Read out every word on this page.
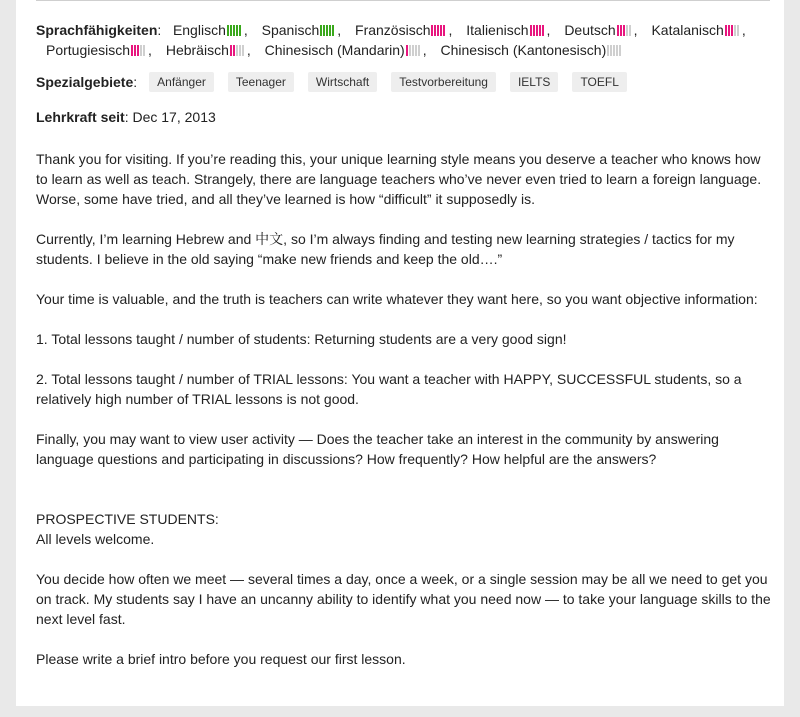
Sprachfähigkeiten:   Englisch , Spanisch , Französisch , Italienisch , Deutsch , Katalanisch , Portugiesisch , Hebräisch , Chinesisch (Mandarin) , Chinesisch (Kantonesisch)
Spezialgebiete :	Anfänger	Teenager	Wirtschaft	Testvorbereitung	IELTS	TOEFL
Lehrkraft seit: Dec 17, 2013

Thank you for visiting. If you’re reading this, your unique learning style means you deserve a teacher who knows how to learn as well as teach. Strangely, there are language teachers who’ve never even tried to learn a foreign language. Worse, some have tried, and all they’ve learned is how “difficult” it supposedly is.

Currently, I’m learning Hebrew and 中文, so I’m always finding and testing new learning strategies / tactics for my students. I believe in the old saying “make new friends and keep the old….”

Your time is valuable, and the truth is teachers can write whatever they want here, so you want objective information:

1. Total lessons taught / number of students: Returning students are a very good sign!

2. Total lessons taught / number of TRIAL lessons: You want a teacher with HAPPY, SUCCESSFUL students, so a relatively high number of TRIAL lessons is not good.

Finally, you may want to view user activity — Does the teacher take an interest in the community by answering language questions and participating in discussions? How frequently? How helpful are the answers?

PROSPECTIVE STUDENTS:

All levels welcome.

You decide how often we meet — several times a day, once a week, or a single session may be all we need to get you on track. My students say I have an uncanny ability to identify what you need now — to take your language skills to the next level fast.

Please write a brief intro before you request our first lesson.
